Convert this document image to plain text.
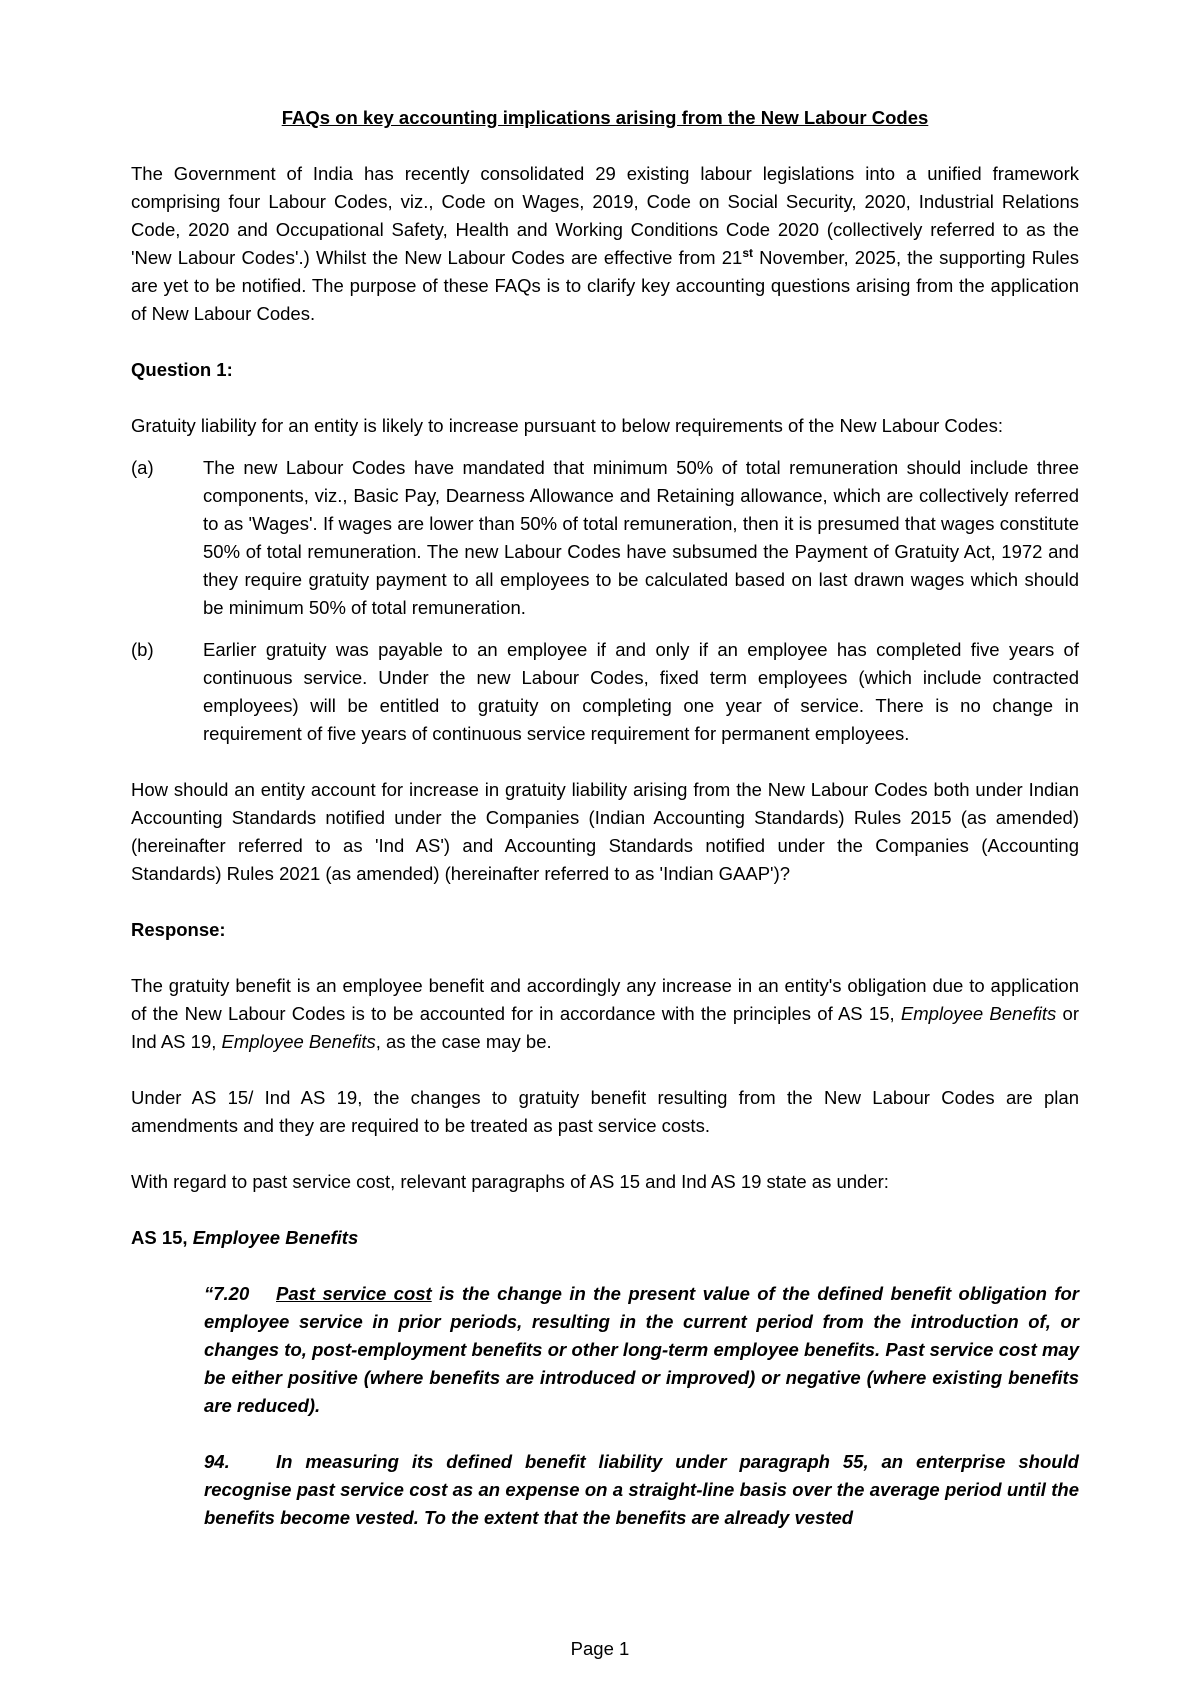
FAQs on key accounting implications arising from the New Labour Codes

The Government of India has recently consolidated 29 existing labour legislations into a unified framework comprising four Labour Codes, viz., Code on Wages, 2019, Code on Social Security, 2020, Industrial Relations Code, 2020 and Occupational Safety, Health and Working Conditions Code 2020 (collectively referred to as the 'New Labour Codes'.) Whilst the New Labour Codes are effective from 21st November, 2025, the supporting Rules are yet to be notified. The purpose of these FAQs is to clarify key accounting questions arising from the application of New Labour Codes.

Question 1:

Gratuity liability for an entity is likely to increase pursuant to below requirements of the New Labour Codes:

(a)	The new Labour Codes have mandated that minimum 50% of total remuneration should include three components, viz., Basic Pay, Dearness Allowance and Retaining allowance, which are collectively referred to as 'Wages'. If wages are lower than 50% of total remuneration, then it is presumed that wages constitute 50% of total remuneration. The new Labour Codes have subsumed the Payment of Gratuity Act, 1972 and they require gratuity payment to all employees to be calculated based on last drawn wages which should be minimum 50% of total remuneration.
(b)	Earlier gratuity was payable to an employee if and only if an employee has completed five years of continuous service. Under the new Labour Codes, fixed term employees (which include contracted employees) will be entitled to gratuity on completing one year of service. There is no change in requirement of five years of continuous service requirement for permanent employees.

How should an entity account for increase in gratuity liability arising from the New Labour Codes both under Indian Accounting Standards notified under the Companies (Indian Accounting Standards) Rules 2015 (as amended) (hereinafter referred to as 'Ind AS') and Accounting Standards notified under the Companies (Accounting Standards) Rules 2021 (as amended) (hereinafter referred to as 'Indian GAAP')?

Response:

The gratuity benefit is an employee benefit and accordingly any increase in an entity's obligation due to application of the New Labour Codes is to be accounted for in accordance with the principles of AS 15, Employee Benefits or Ind AS 19, Employee Benefits, as the case may be.

Under AS 15/ Ind AS 19, the changes to gratuity benefit resulting from the New Labour Codes are plan amendments and they are required to be treated as past service costs.

With regard to past service cost, relevant paragraphs of AS 15 and Ind AS 19 state as under:

AS 15, Employee Benefits
“7.20 Past service cost is the change in the present value of the defined benefit obligation for employee service in prior periods, resulting in the current period from the introduction of, or changes to, post-employment benefits or other long-term employee benefits. Past service cost may be either positive (where benefits are introduced or improved) or negative (where existing benefits are reduced).
94.	In measuring its defined benefit liability under paragraph 55, an enterprise should recognise past service cost as an expense on a straight-line basis over the average period until the benefits become vested. To the extent that the benefits are already vested
Page 1
